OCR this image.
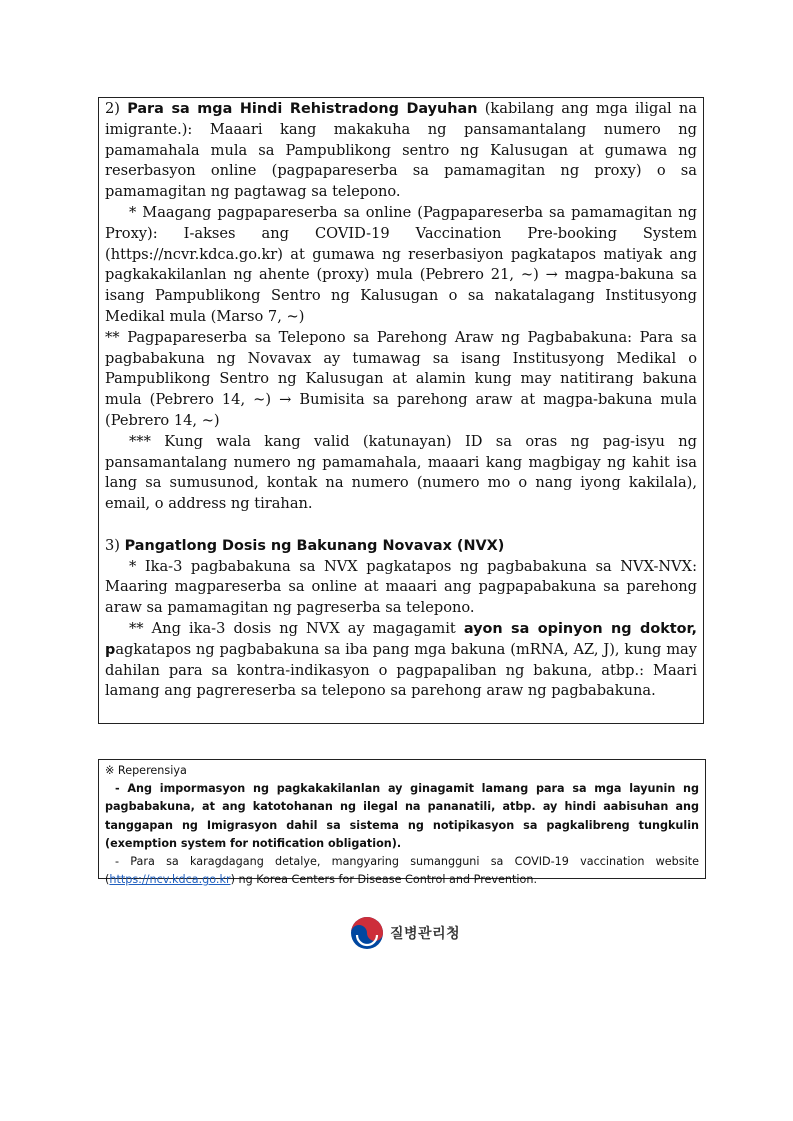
2) Para sa mga Hindi Rehistradong Dayuhan (kabilang ang mga iligal na imigrante.): Maaari kang makakuha ng pansamantalang numero ng pamamahala mula sa Pampublikong sentro ng Kalusugan at gumawa ng reserbasyon online (pagpapareserba sa pamamagitan ng proxy) o sa pamamagitan ng pagtawag sa telepono.

* Maagang pagpapareserba sa online (Pagpapareserba sa pamamagitan ng Proxy): I-akses ang COVID-19 Vaccination Pre-booking System (https://ncvr.kdca.go.kr) at gumawa ng reserbasiyon pagkatapos matiyak ang pagkakakilanlan ng ahente (proxy) mula (Pebrero 21, ~) → magpa-bakuna sa isang Pampublikong Sentro ng Kalusugan o sa nakatalagang Institusyong Medikal mula (Marso 7, ~)

** Pagpapareserba sa Telepono sa Parehong Araw ng Pagbabakuna: Para sa pagbabakuna ng Novavax ay tumawag sa isang Institusyong Medikal o Pampublikong Sentro ng Kalusugan at alamin kung may natitirang bakuna mula (Pebrero 14, ~) → Bumisita sa parehong araw at magpa-bakuna mula (Pebrero 14, ~)

*** Kung wala kang valid (katunayan) ID sa oras ng pag-isyu ng pansamantalang numero ng pamamahala, maaari kang magbigay ng kahit isa lang sa sumusunod, kontak na numero (numero mo o nang iyong kakilala), email, o address ng tirahan.

3) Pangatlong Dosis ng Bakunang Novavax (NVX)

* Ika-3 pagbabakuna sa NVX pagkatapos ng pagbabakuna sa NVX-NVX: Maaring magpareserba sa online at maaari ang pagpapabakuna sa parehong araw sa pamamagitan ng pagreserba sa telepono.

** Ang ika-3 dosis ng NVX ay magagamit ayon sa opinyon ng doktor, pagkatapos ng pagbabakuna sa iba pang mga bakuna (mRNA, AZ, J), kung may dahilan para sa kontra-indikasyon o pagpapaliban ng bakuna, atbp.: Maari lamang ang pagrereserba sa telepono sa parehong araw ng pagbabakuna.

※ Reperensiya

- Ang impormasyon ng pagkakakilanlan ay ginagamit lamang para sa mga layunin ng pagbabakuna, at ang katotohanan ng ilegal na pananatili, atbp. ay hindi aabisuhan ang tanggapan ng Imigrasyon dahil sa sistema ng notipikasyon sa pagkalibreng tungkulin (exemption system for notification obligation).

- Para sa karagdagang detalye, mangyaring sumangguni sa COVID-19 vaccination website (https://ncv.kdca.go.kr) ng Korea Centers for Disease Control and Prevention.

질병관리청
